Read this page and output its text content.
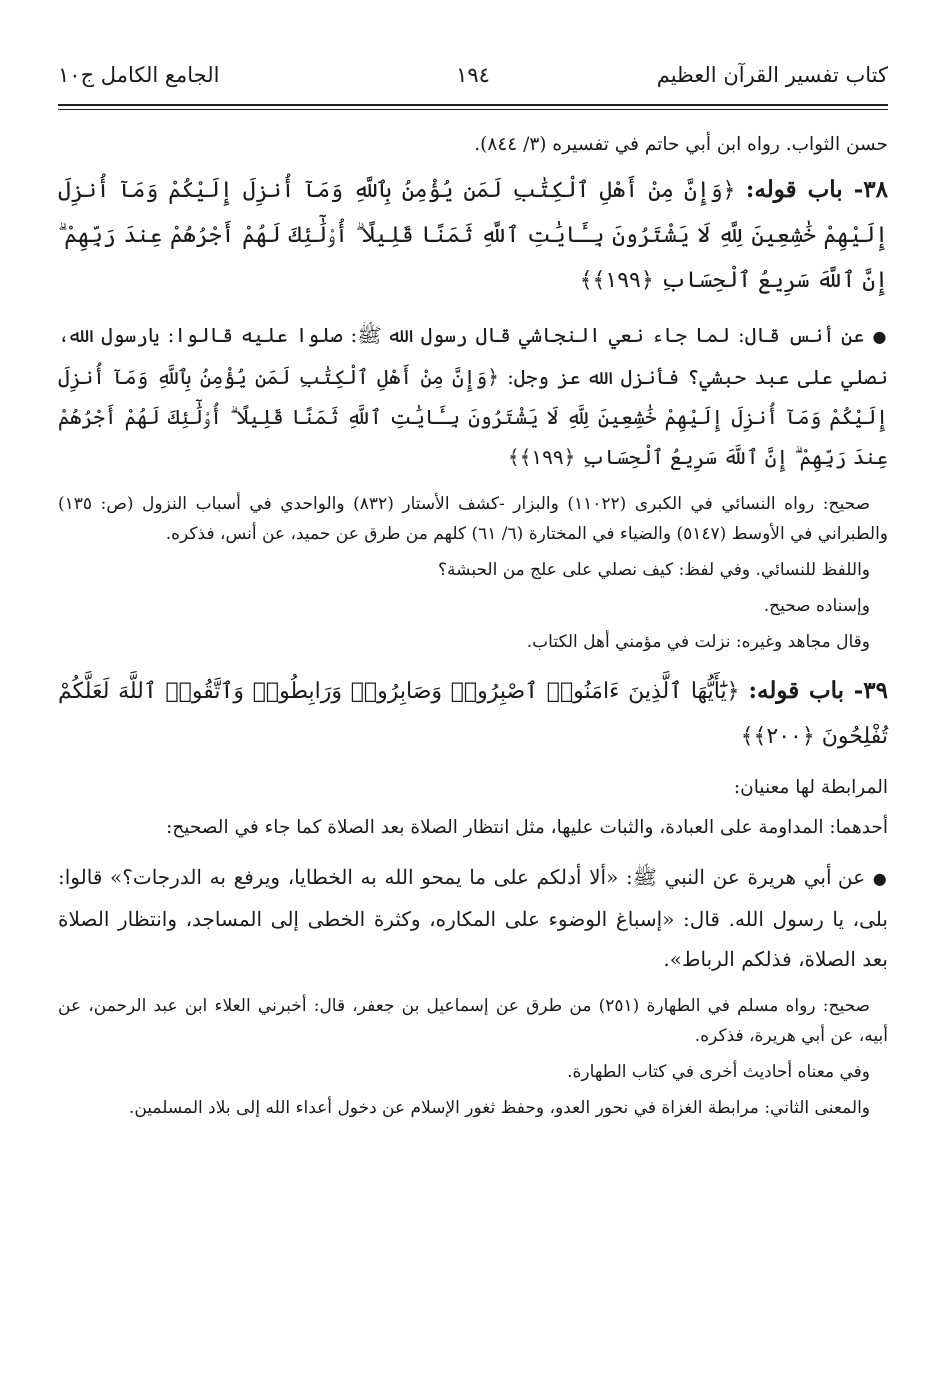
كتاب تفسير القرآن العظيم
١٩٤
الجامع الكامل ج١٠

حسن الثواب. رواه ابن أبي حاتم في تفسيره (٣/ ٨٤٤).

٣٨- باب قوله: ﴿وَإِنَّ مِنْ أَهْلِ ٱلْكِتَٰبِ لَمَن يُؤْمِنُ بِٱللَّهِ وَمَآ أُنزِلَ إِلَيْكُمْ وَمَآ أُنزِلَ إِلَيْهِمْ خَٰشِعِينَ لِلَّهِ لَا يَشْتَرُونَ بِـَٔايَٰتِ ٱللَّهِ ثَمَنًا قَلِيلًا ۗ أُو۟لَٰٓئِكَ لَهُمْ أَجْرُهُمْ عِندَ رَبِّهِمْ ۗ إِنَّ ٱللَّهَ سَرِيعُ ٱلْحِسَابِ ﴿١٩٩﴾﴾

● عن أنس قال: لما جاء نعي النجاشي قال رسول الله ﷺ: صلوا عليه قالوا: يارسول الله، نصلي على عبد حبشي؟ فأنزل الله عز وجل: ﴿وَإِنَّ مِنْ أَهْلِ ٱلْكِتَٰبِ لَمَن يُؤْمِنُ بِٱللَّهِ وَمَآ أُنزِلَ إِلَيْكُمْ وَمَآ أُنزِلَ إِلَيْهِمْ خَٰشِعِينَ لِلَّهِ لَا يَشْتَرُونَ بِـَٔايَٰتِ ٱللَّهِ ثَمَنًا قَلِيلًا ۗ أُو۟لَٰٓئِكَ لَهُمْ أَجْرُهُمْ عِندَ رَبِّهِمْ ۗ إِنَّ ٱللَّهَ سَرِيعُ ٱلْحِسَابِ ﴿١٩٩﴾﴾

صحيح: رواه النسائي في الكبرى (١١٠٢٢) والبزار -كشف الأستار (٨٣٢) والواحدي في أسباب النزول (ص: ١٣٥) والطبراني في الأوسط (٥١٤٧) والضياء في المختارة (٦/ ٦١) كلهم من طرق عن حميد، عن أنس، فذكره.

واللفظ للنسائي. وفي لفظ: كيف نصلي على علج من الحبشة؟

وإسناده صحيح.

وقال مجاهد وغيره: نزلت في مؤمني أهل الكتاب.

٣٩- باب قوله: ﴿يَٰٓأَيُّهَا ٱلَّذِينَ ءَامَنُوا۟ ٱصْبِرُوا۟ وَصَابِرُوا۟ وَرَابِطُوا۟ وَٱتَّقُوا۟ ٱللَّهَ لَعَلَّكُمْ تُفْلِحُونَ ﴿٢٠٠﴾﴾

المرابطة لها معنيان:

أحدهما: المداومة على العبادة، والثبات عليها، مثل انتظار الصلاة بعد الصلاة كما جاء في الصحيح:

● عن أبي هريرة عن النبي ﷺ: «ألا أدلكم على ما يمحو الله به الخطايا، ويرفع به الدرجات؟» قالوا: بلى، يا رسول الله. قال: «إسباغ الوضوء على المكاره، وكثرة الخطى إلى المساجد، وانتظار الصلاة بعد الصلاة، فذلكم الرباط».

صحيح: رواه مسلم في الطهارة (٢٥١) من طرق عن إسماعيل بن جعفر، قال: أخبرني العلاء ابن عبد الرحمن، عن أبيه، عن أبي هريرة، فذكره.

وفي معناه أحاديث أخرى في كتاب الطهارة.

والمعنى الثاني: مرابطة الغزاة في نحور العدو، وحفظ ثغور الإسلام عن دخول أعداء الله إلى بلاد المسلمين.
